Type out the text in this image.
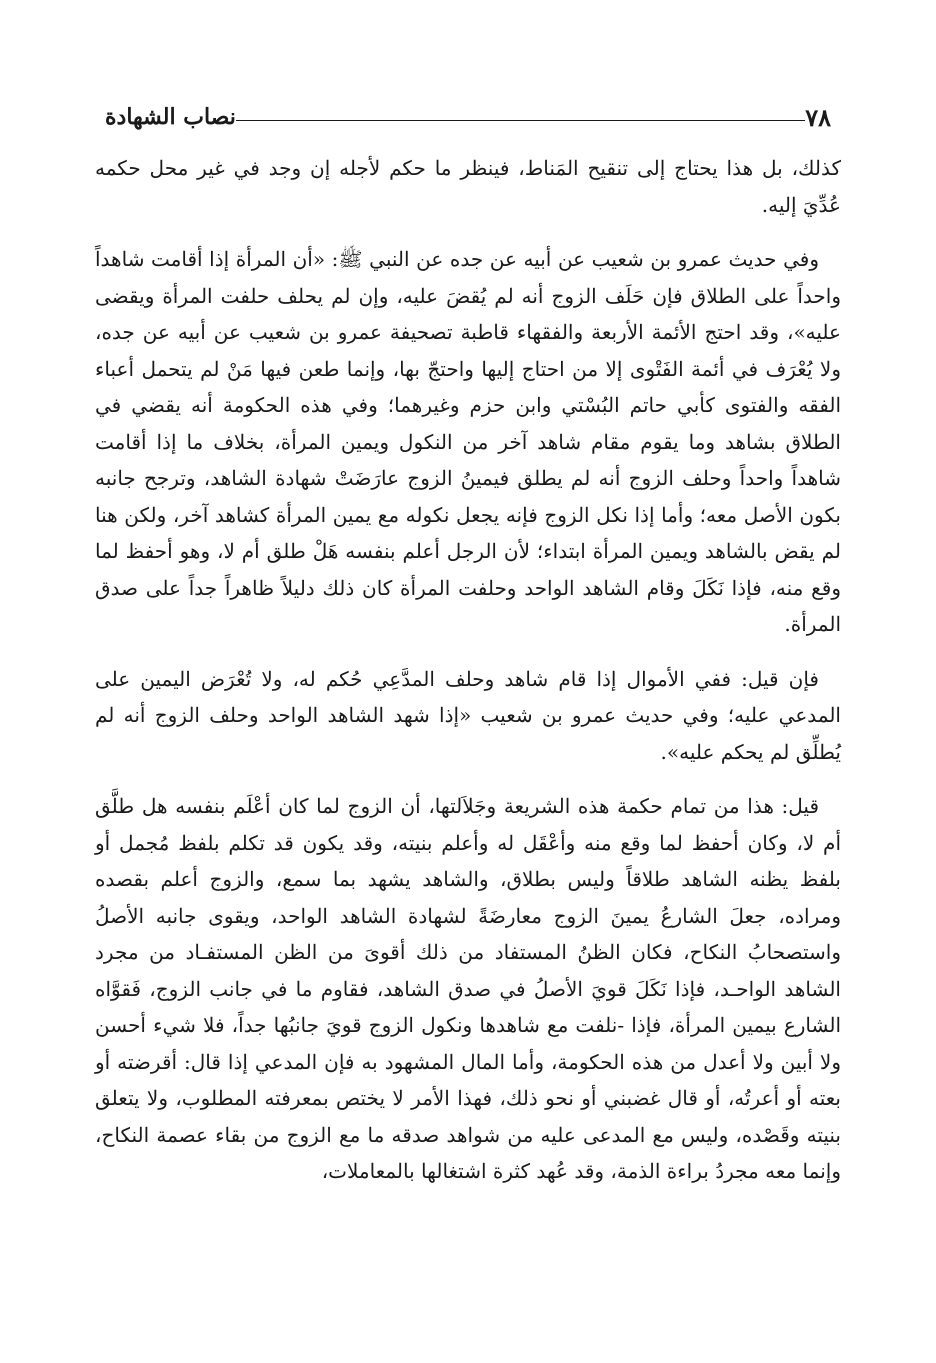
٧٨
نصاب الشهادة

كذلك، بل هذا يحتاج إلى تنقيح المَناط، فينظر ما حكم لأجله إن وجد في غير محل حكمه عُدِّيَ إليه.

وفي حديث عمرو بن شعيب عن أبيه عن جده عن النبي ﷺ: «أن المرأة إذا أقامت شاهداً واحداً على الطلاق فإن حَلَف الزوج أنه لم يُقضَ عليه، وإن لم يحلف حلفت المرأة ويقضى عليه»، وقد احتج الأئمة الأربعة والفقهاء قاطبة تصحيفة عمرو بن شعيب عن أبيه عن جده، ولا يُعْرَف في أئمة الفَتْوى إلا من احتاج إليها واحتجّ بها، وإنما طعن فيها مَنْ لم يتحمل أعباء الفقه والفتوى كأبي حاتم البُسْتي وابن حزم وغيرهما؛ وفي هذه الحكومة أنه يقضي في الطلاق بشاهد وما يقوم مقام شاهد آخر من النكول ويمين المرأة، بخلاف ما إذا أقامت شاهداً واحداً وحلف الزوج أنه لم يطلق فيمينُ الزوج عارَضَتْ شهادة الشاهد، وترجح جانبه بكون الأصل معه؛ وأما إذا نكل الزوج فإنه يجعل نكوله مع يمين المرأة كشاهد آخر، ولكن هنا لم يقض بالشاهد ويمين المرأة ابتداء؛ لأن الرجل أعلم بنفسه هَلْ طلق أم لا، وهو أحفظ لما وقع منه، فإذا نَكَلَ وقام الشاهد الواحد وحلفت المرأة كان ذلك دليلاً ظاهراً جداً على صدق المرأة.

فإن قيل: ففي الأموال إذا قام شاهد وحلف المدَّعِي حُكم له، ولا تُعْرَض اليمين على المدعي عليه؛ وفي حديث عمرو بن شعيب «إذا شهد الشاهد الواحد وحلف الزوج أنه لم يُطلِّق لم يحكم عليه».

قيل: هذا من تمام حكمة هذه الشريعة وجَلاَلتها، أن الزوج لما كان أعْلَم بنفسه هل طلَّق أم لا، وكان أحفظ لما وقع منه وأعْقَل له وأعلم بنيته، وقد يكون قد تكلم بلفظ مُجمل أو بلفظ يظنه الشاهد طلاقاً وليس بطلاق، والشاهد يشهد بما سمع، والزوج أعلم بقصده ومراده، جعلَ الشارعُ يمينَ الزوج معارضَةً لشهادة الشاهد الواحد، ويقوى جانبه الأصلُ واستصحابُ النكاح، فكان الظنُ المستفاد من ذلك أقوىَ من الظن المستفـاد من مجرد الشاهد الواحـد، فإذا نَكَلَ قويَ الأصلُ في صدق الشاهد، فقاوم ما في جانب الزوج، فَقوَّاه الشارع بيمين المرأة، فإذا -نلفت مع شاهدها ونكول الزوج قويَ جانبُها جداً، فلا شيء أحسن ولا أبين ولا أعدل من هذه الحكومة، وأما المال المشهود به فإن المدعي إذا قال: أقرضته أو بعته أو أعرتُه، أو قال غضبني أو نحو ذلك، فهذا الأمر لا يختص بمعرفته المطلوب، ولا يتعلق بنيته وقَصْده، وليس مع المدعى عليه من شواهد صدقه ما مع الزوج من بقاء عصمة النكاح، وإنما معه مجردُ براءة الذمة، وقد عُهد كثرة اشتغالها بالمعاملات،
